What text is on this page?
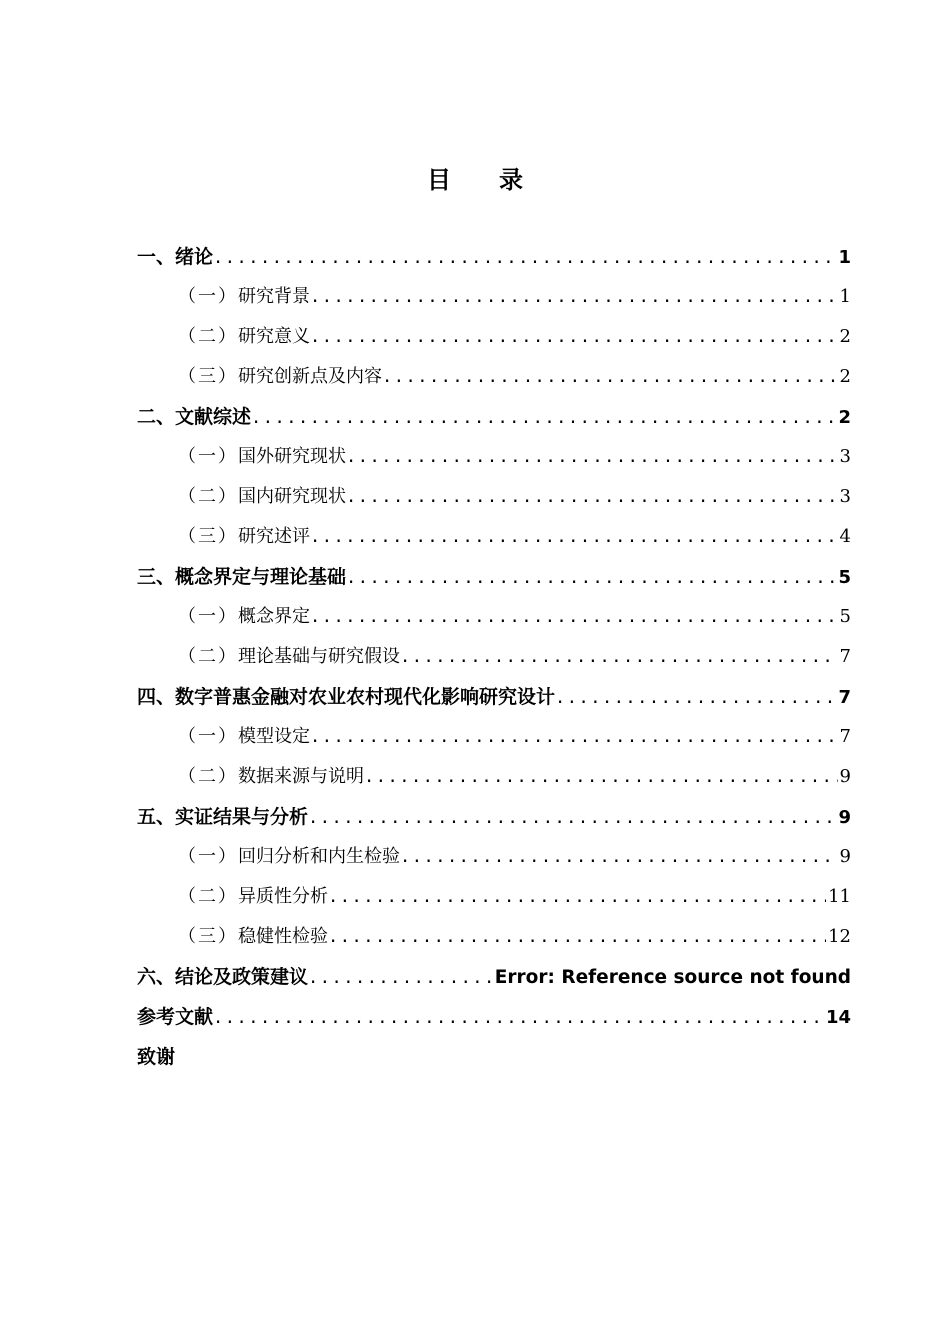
目　　录
一、绪论 .....	1
（一） 研究背景 .....	1
（二） 研究意义 .....	2
（三） 研究创新点及内容 .....	2
二、文献综述 .....	2
（一） 国外研究现状 .....	3
（二） 国内研究现状 .....	3
（三） 研究述评 .....	4
三、概念界定与理论基础 .....	5
（一） 概念界定 .....	5
（二） 理论基础与研究假设 .....	7
四、数字普惠金融对农业农村现代化影响研究设计 .....	7
（一） 模型设定 .....	7
（二） 数据来源与说明 .....	9
五、实证结果与分析 .....	9
（一） 回归分析和内生检验 .....	9
（二） 异质性分析 .....	11
（三） 稳健性检验 .....	12
六、结论及政策建议 .....	Error: Reference source not found
参考文献 .....	14
致谢
